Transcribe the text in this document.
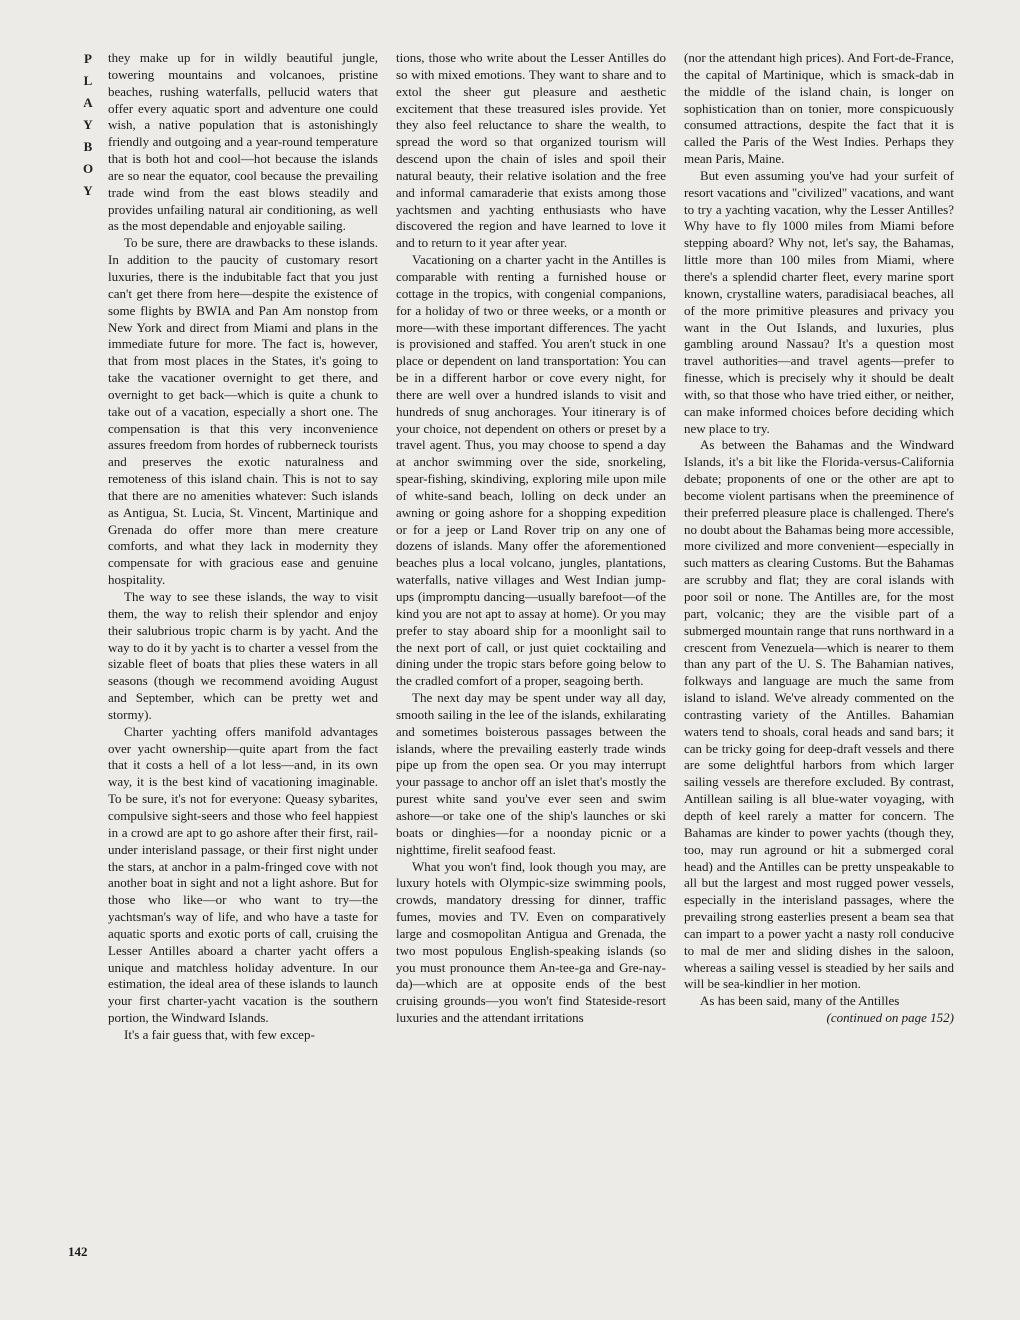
P
L
A
Y
B
O
Y

they make up for in wildly beautiful jungle, towering mountains and volcanoes, pristine beaches, rushing waterfalls, pellucid waters that offer every aquatic sport and adventure one could wish, a native population that is astonishingly friendly and outgoing and a year-round temperature that is both hot and cool—hot because the islands are so near the equator, cool because the prevailing trade wind from the east blows steadily and provides unfailing natural air conditioning, as well as the most dependable and enjoyable sailing.

To be sure, there are drawbacks to these islands. In addition to the paucity of customary resort luxuries, there is the indubitable fact that you just can't get there from here—despite the existence of some flights by BWIA and Pan Am nonstop from New York and direct from Miami and plans in the immediate future for more. The fact is, however, that from most places in the States, it's going to take the vacationer overnight to get there, and overnight to get back—which is quite a chunk to take out of a vacation, especially a short one. The compensation is that this very inconvenience assures freedom from hordes of rubberneck tourists and preserves the exotic naturalness and remoteness of this island chain. This is not to say that there are no amenities whatever: Such islands as Antigua, St. Lucia, St. Vincent, Martinique and Grenada do offer more than mere creature comforts, and what they lack in modernity they compensate for with gracious ease and genuine hospitality.

The way to see these islands, the way to visit them, the way to relish their splendor and enjoy their salubrious tropic charm is by yacht. And the way to do it by yacht is to charter a vessel from the sizable fleet of boats that plies these waters in all seasons (though we recommend avoiding August and September, which can be pretty wet and stormy).

Charter yachting offers manifold advantages over yacht ownership—quite apart from the fact that it costs a hell of a lot less—and, in its own way, it is the best kind of vacationing imaginable. To be sure, it's not for everyone: Queasy sybarites, compulsive sight-seers and those who feel happiest in a crowd are apt to go ashore after their first, rail-under interisland passage, or their first night under the stars, at anchor in a palm-fringed cove with not another boat in sight and not a light ashore. But for those who like—or who want to try—the yachtsman's way of life, and who have a taste for aquatic sports and exotic ports of call, cruising the Lesser Antilles aboard a charter yacht offers a unique and matchless holiday adventure. In our estimation, the ideal area of these islands to launch your first charter-yacht vacation is the southern portion, the Windward Islands.

It's a fair guess that, with few excep-

tions, those who write about the Lesser Antilles do so with mixed emotions. They want to share and to extol the sheer gut pleasure and aesthetic excitement that these treasured isles provide. Yet they also feel reluctance to share the wealth, to spread the word so that organized tourism will descend upon the chain of isles and spoil their natural beauty, their relative isolation and the free and informal camaraderie that exists among those yachtsmen and yachting enthusiasts who have discovered the region and have learned to love it and to return to it year after year.

Vacationing on a charter yacht in the Antilles is comparable with renting a furnished house or cottage in the tropics, with congenial companions, for a holiday of two or three weeks, or a month or more—with these important differences. The yacht is provisioned and staffed. You aren't stuck in one place or dependent on land transportation: You can be in a different harbor or cove every night, for there are well over a hundred islands to visit and hundreds of snug anchorages. Your itinerary is of your choice, not dependent on others or preset by a travel agent. Thus, you may choose to spend a day at anchor swimming over the side, snorkeling, spear-fishing, skindiving, exploring mile upon mile of white-sand beach, lolling on deck under an awning or going ashore for a shopping expedition or for a jeep or Land Rover trip on any one of dozens of islands. Many offer the aforementioned beaches plus a local volcano, jungles, plantations, waterfalls, native villages and West Indian jump-ups (impromptu dancing—usually barefoot—of the kind you are not apt to assay at home). Or you may prefer to stay aboard ship for a moonlight sail to the next port of call, or just quiet cocktailing and dining under the tropic stars before going below to the cradled comfort of a proper, seagoing berth.

The next day may be spent under way all day, smooth sailing in the lee of the islands, exhilarating and sometimes boisterous passages between the islands, where the prevailing easterly trade winds pipe up from the open sea. Or you may interrupt your passage to anchor off an islet that's mostly the purest white sand you've ever seen and swim ashore—or take one of the ship's launches or ski boats or dinghies—for a noonday picnic or a nighttime, firelit seafood feast.

What you won't find, look though you may, are luxury hotels with Olympic-size swimming pools, crowds, mandatory dressing for dinner, traffic fumes, movies and TV. Even on comparatively large and cosmopolitan Antigua and Grenada, the two most populous English-speaking islands (so you must pronounce them An-tee-ga and Gre-nay-da)—which are at opposite ends of the best cruising grounds—you won't find Stateside-resort luxuries and the attendant irritations

(nor the attendant high prices). And Fort-de-France, the capital of Martinique, which is smack-dab in the middle of the island chain, is longer on sophistication than on tonier, more conspicuously consumed attractions, despite the fact that it is called the Paris of the West Indies. Perhaps they mean Paris, Maine.

But even assuming you've had your surfeit of resort vacations and "civilized" vacations, and want to try a yachting vacation, why the Lesser Antilles? Why have to fly 1000 miles from Miami before stepping aboard? Why not, let's say, the Bahamas, little more than 100 miles from Miami, where there's a splendid charter fleet, every marine sport known, crystalline waters, paradisiacal beaches, all of the more primitive pleasures and privacy you want in the Out Islands, and luxuries, plus gambling around Nassau? It's a question most travel authorities—and travel agents—prefer to finesse, which is precisely why it should be dealt with, so that those who have tried either, or neither, can make informed choices before deciding which new place to try.

As between the Bahamas and the Windward Islands, it's a bit like the Florida-versus-California debate; proponents of one or the other are apt to become violent partisans when the preeminence of their preferred pleasure place is challenged. There's no doubt about the Bahamas being more accessible, more civilized and more convenient—especially in such matters as clearing Customs. But the Bahamas are scrubby and flat; they are coral islands with poor soil or none. The Antilles are, for the most part, volcanic; they are the visible part of a submerged mountain range that runs northward in a crescent from Venezuela—which is nearer to them than any part of the U. S. The Bahamian natives, folkways and language are much the same from island to island. We've already commented on the contrasting variety of the Antilles. Bahamian waters tend to shoals, coral heads and sand bars; it can be tricky going for deep-draft vessels and there are some delightful harbors from which larger sailing vessels are therefore excluded. By contrast, Antillean sailing is all blue-water voyaging, with depth of keel rarely a matter for concern. The Bahamas are kinder to power yachts (though they, too, may run aground or hit a submerged coral head) and the Antilles can be pretty unspeakable to all but the largest and most rugged power vessels, especially in the interisland passages, where the prevailing strong easterlies present a beam sea that can impart to a power yacht a nasty roll conducive to mal de mer and sliding dishes in the saloon, whereas a sailing vessel is steadied by her sails and will be sea-kindlier in her motion.

As has been said, many of the Antilles

(continued on page 152)
142
